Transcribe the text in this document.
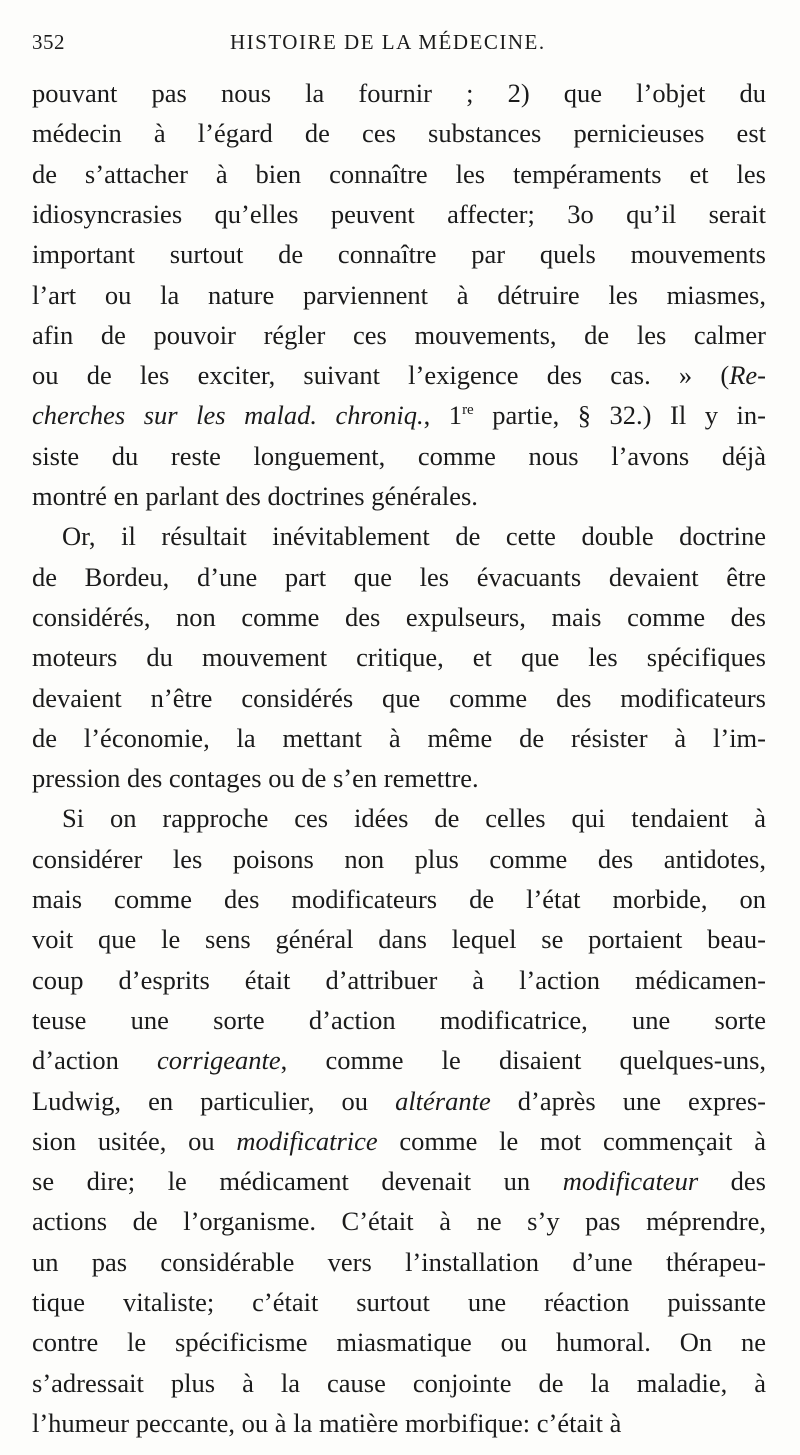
352	HISTOIRE DE LA MÉDECINE.
pouvant pas nous la fournir ; 2) que l’objet du
médecin à l’égard de ces substances pernicieuses est
de s’attacher à bien connaître les tempéraments et les
idiosyncrasies qu’elles peuvent affecter; 3o qu’il serait
important surtout de connaître par quels mouvements
l’art ou la nature parviennent à détruire les miasmes,
afin de pouvoir régler ces mouvements, de les calmer
ou de les exciter, suivant l’exigence des cas. » (Re-
cherches sur les malad. chroniq., 1re partie, § 32.) Il y in-
siste du reste longuement, comme nous l’avons déjà
montré en parlant des doctrines générales.
Or, il résultait inévitablement de cette double doctrine
de Bordeu, d’une part que les évacuants devaient être
considérés, non comme des expulseurs, mais comme des
moteurs du mouvement critique, et que les spécifiques
devaient n’être considérés que comme des modificateurs
de l’économie, la mettant à même de résister à l’im-
pression des contages ou de s’en remettre.
Si on rapproche ces idées de celles qui tendaient à
considérer les poisons non plus comme des antidotes,
mais comme des modificateurs de l’état morbide, on
voit que le sens général dans lequel se portaient beau-
coup d’esprits était d’attribuer à l’action médicamen-
teuse une sorte d’action modificatrice, une sorte
d’action corrigeante, comme le disaient quelques-uns,
Ludwig, en particulier, ou altérante d’après une expres-
sion usitée, ou modificatrice comme le mot commençait à
se dire; le médicament devenait un modificateur des
actions de l’organisme. C’était à ne s’y pas méprendre,
un pas considérable vers l’installation d’une thérapeu-
tique vitaliste; c’était surtout une réaction puissante
contre le spécificisme miasmatique ou humoral. On ne
s’adressait plus à la cause conjointe de la maladie, à
l’humeur peccante, ou à la matière morbifique: c’était à
